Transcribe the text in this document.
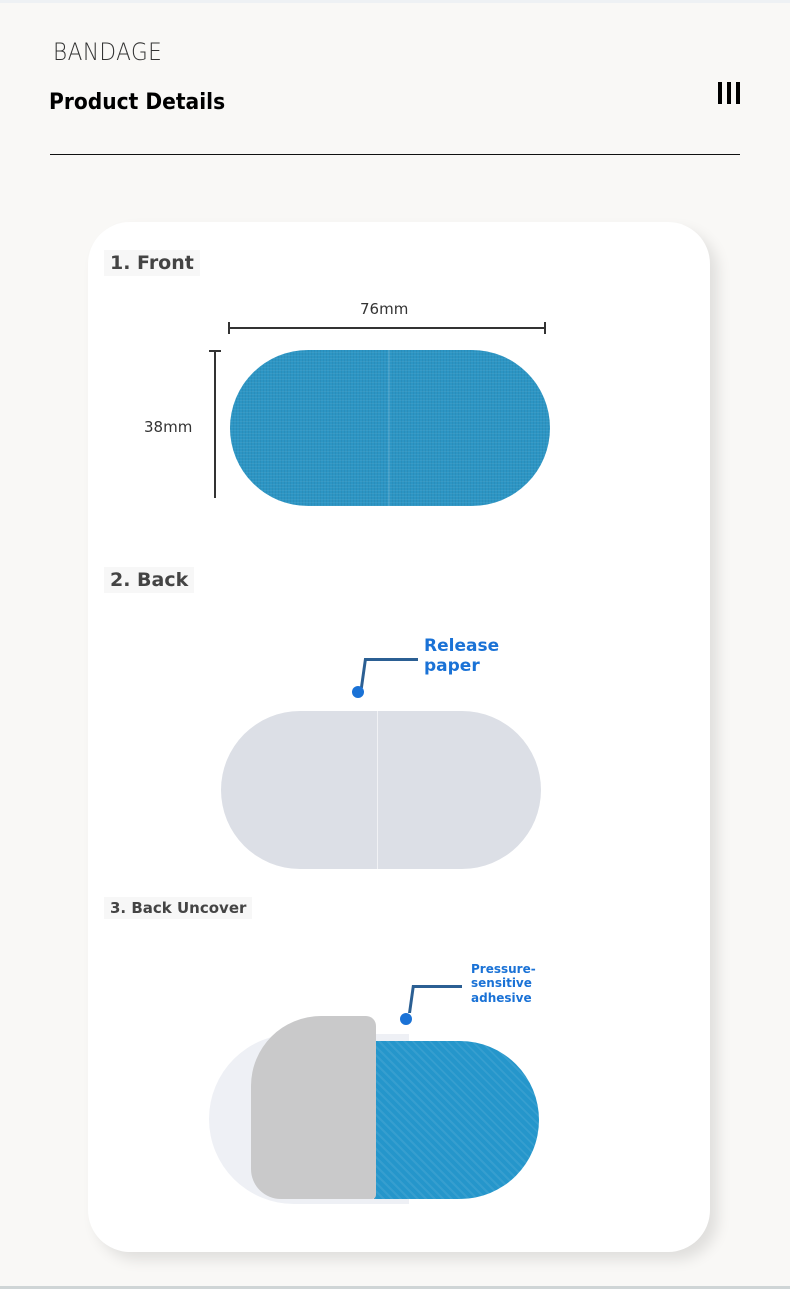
BANDAGE
Product Details
1. Front
76mm
38mm
2. Back
Release
paper
3. Back Uncover
Pressure-
sensitive
adhesive
